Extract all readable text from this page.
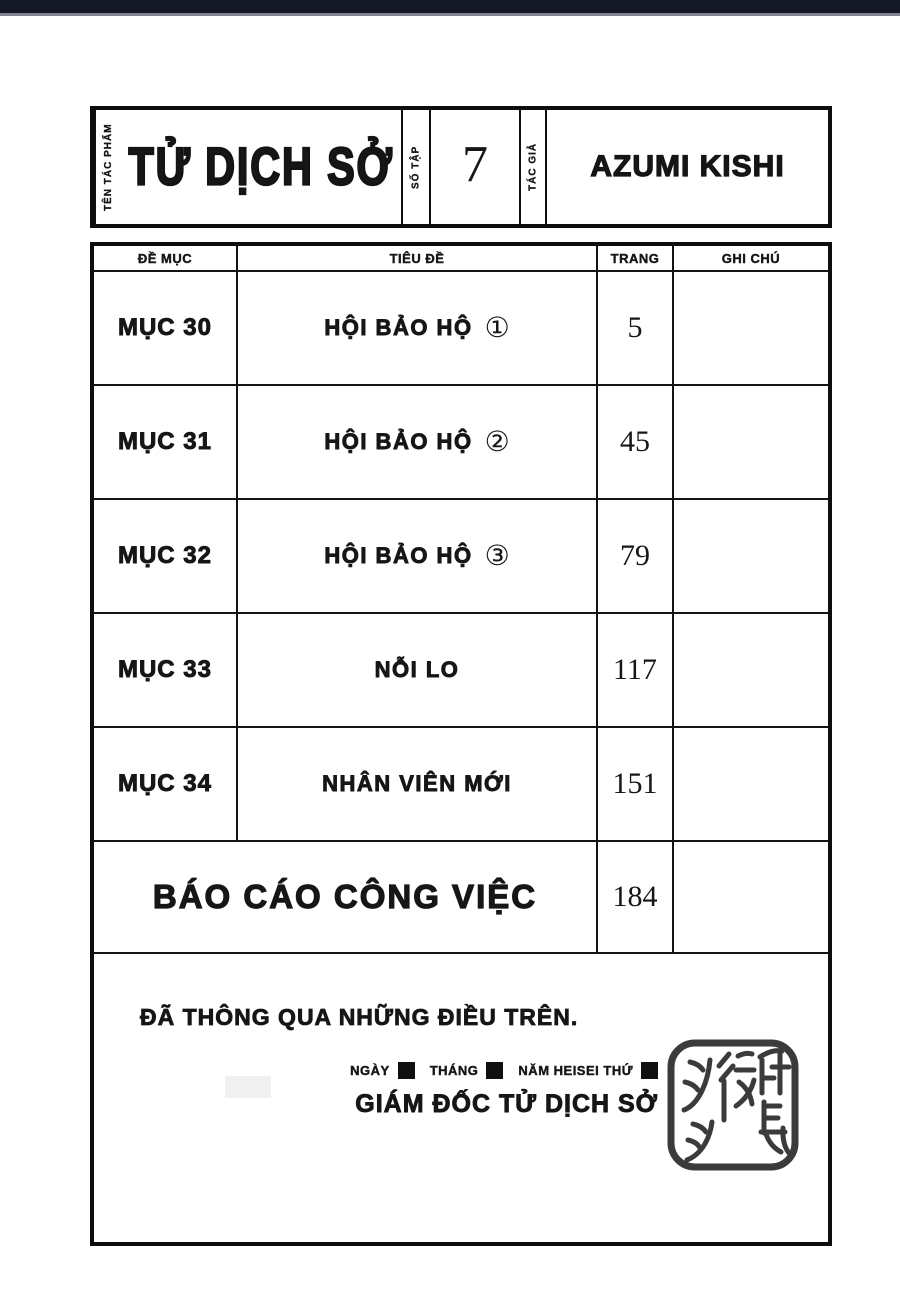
TÊN TÁC PHẨM TỬ DỊCH SỞ	SỐ TẬP 7	TÁC GIẢ AZUMI KISHI
ĐỀ MỤC	TIÊU ĐỀ	TRANG	GHI CHÚ
MỤC 30	HỘI BẢO HỘ ①	5
MỤC 31	HỘI BẢO HỘ ②	45
MỤC 32	HỘI BẢO HỘ ③	79
MỤC 33	NỖI LO	117
MỤC 34	NHÂN VIÊN MỚI	151
BÁO CÁO CÔNG VIỆC	184
ĐÃ THÔNG QUA NHỮNG ĐIỀU TRÊN.
NGÀY	THÁNG	NĂM HEISEI THỨ
GIÁM ĐỐC TỬ DỊCH SỞ
